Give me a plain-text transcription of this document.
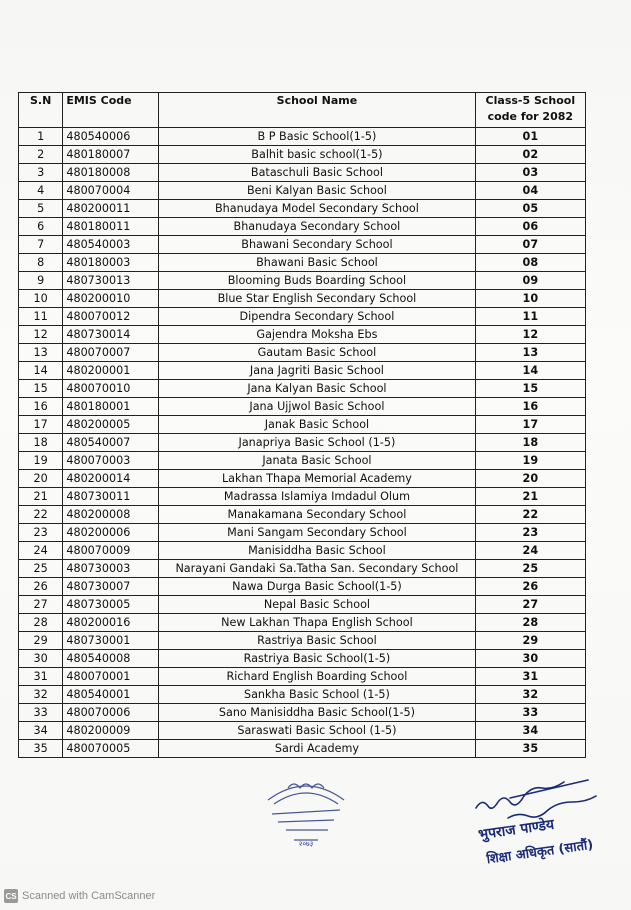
S.N	EMIS Code	School Name	Class-5 School
code for 2082
1	480540006	B P Basic School(1-5)	01
2	480180007	Balhit basic school(1-5)	02
3	480180008	Bataschuli Basic School	03
4	480070004	Beni Kalyan Basic School	04
5	480200011	Bhanudaya Model Secondary School	05
6	480180011	Bhanudaya Secondary School	06
7	480540003	Bhawani Secondary School	07
8	480180003	Bhawani Basic School	08
9	480730013	Blooming Buds Boarding School	09
10	480200010	Blue Star English Secondary School	10
11	480070012	Dipendra Secondary School	11
12	480730014	Gajendra Moksha Ebs	12
13	480070007	Gautam Basic School	13
14	480200001	Jana Jagriti Basic School	14
15	480070010	Jana Kalyan Basic School	15
16	480180001	Jana Ujjwol Basic School	16
17	480200005	Janak Basic School	17
18	480540007	Janapriya Basic School (1-5)	18
19	480070003	Janata Basic School	19
20	480200014	Lakhan Thapa Memorial Academy	20
21	480730011	Madrassa Islamiya Imdadul Olum	21
22	480200008	Manakamana Secondary School	22
23	480200006	Mani Sangam Secondary School	23
24	480070009	Manisiddha Basic School	24
25	480730003	Narayani Gandaki Sa.Tatha San. Secondary School	25
26	480730007	Nawa Durga Basic School(1-5)	26
27	480730005	Nepal Basic School	27
28	480200016	New Lakhan Thapa English School	28
29	480730001	Rastriya Basic School	29
30	480540008	Rastriya Basic School(1-5)	30
31	480070001	Richard English Boarding School	31
32	480540001	Sankha Basic School (1-5)	32
33	480070006	Sano Manisiddha Basic School(1-5)	33
34	480200009	Saraswati Basic School (1-5)	34
35	480070005	Sardi Academy	35
२०७३
भुपराज पाण्डेय
शिक्षा अधिकृत (सातौं)
CS Scanned with CamScanner
